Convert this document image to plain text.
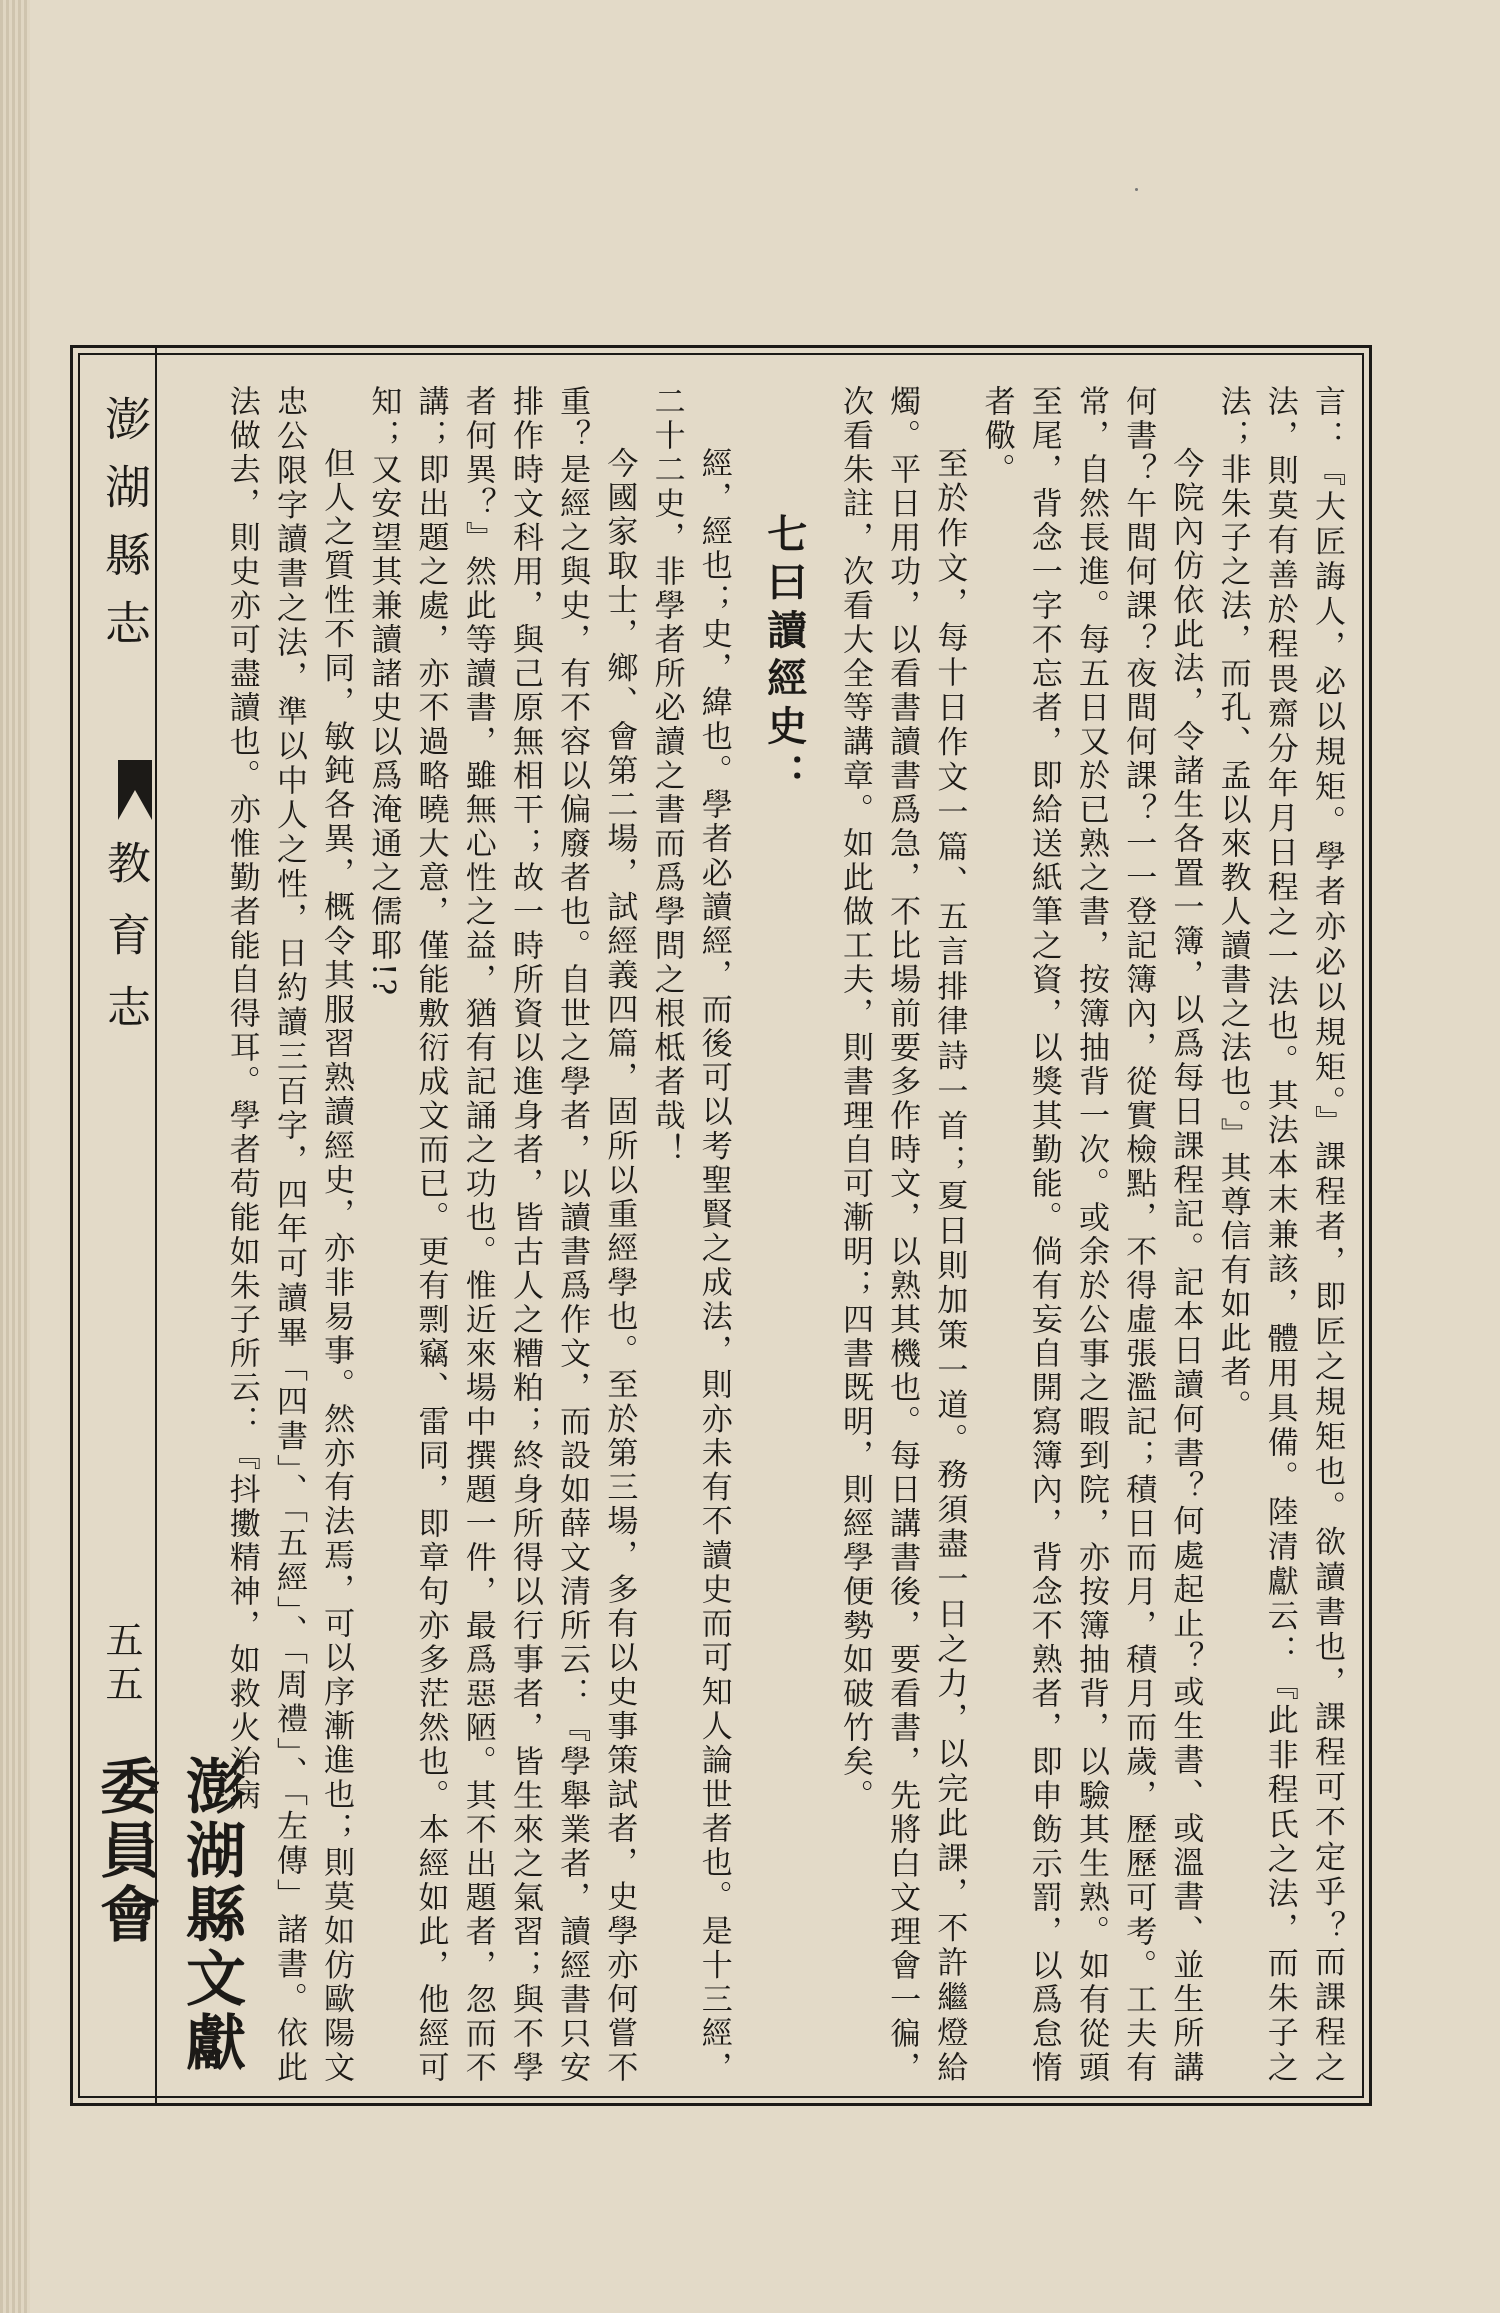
澎湖縣志
教育志
五五
澎湖縣文獻委員會	言：『大匠誨人，必以規矩。學者亦必以規矩。』課程者，即匠之規矩也。欲讀書也，課程可不定乎？而課程之法，則莫有善於程畏齋分年月日程之一法也。其法本末兼該，體用具備。陸清獻云：『此非程氏之法，而朱子之法；非朱子之法，而孔、孟以來教人讀書之法也。』其尊信有如此者。

今院內仿依此法，令諸生各置一簿，以爲每日課程記。記本日讀何書？何處起止？或生書、或溫書、並生所講何書？午間何課？夜間何課？一一登記簿內，從實檢點，不得虛張濫記；積日而月，積月而歲，歷歷可考。工夫有常，自然長進。每五日又於已熟之書，按簿抽背一次。或余於公事之暇到院，亦按簿抽背，以驗其生熟。如有從頭至尾，背念一字不忘者，即給送紙筆之資，以獎其勤能。倘有妄自開寫簿內，背念不熟者，即申飭示罰，以爲怠惰者儆。

至於作文，每十日作文一篇、五言排律詩一首；夏日則加策一道。務須盡一日之力，以完此課，不許繼燈給燭。平日用功，以看書讀書爲急，不比場前要多作時文，以熟其機也。每日講書後，要看書，先將白文理會一徧，次看朱註，次看大全等講章。如此做工夫，則書理自可漸明；四書既明，則經學便勢如破竹矣。

七曰讀經史：

經，經也；史，緯也。學者必讀經，而後可以考聖賢之成法，則亦未有不讀史而可知人論世者也。是十三經，二十二史，非學者所必讀之書而爲學問之根柢者哉！

今國家取士，鄉、會第二場，試經義四篇，固所以重經學也。至於第三場，多有以史事策試者，史學亦何嘗不重？是經之與史，有不容以偏廢者也。自世之學者，以讀書爲作文，而設如薛文清所云：『學舉業者，讀經書只安排作時文科用，與己原無相干；故一時所資以進身者，皆古人之糟粕；終身所得以行事者，皆生來之氣習；與不學者何異？』然此等讀書，雖無心性之益，猶有記誦之功也。惟近來場中撰題一件，最爲惡陋。其不出題者，忽而不講；即出題之處，亦不過略曉大意，僅能敷衍成文而已。更有剽竊、雷同，即章句亦多茫然也。本經如此，他經可知；又安望其兼讀諸史以爲淹通之儒耶!?

但人之質性不同，敏鈍各異，概令其服習熟讀經史，亦非易事。然亦有法焉，可以序漸進也；則莫如仿歐陽文忠公限字讀書之法，準以中人之性，日約讀三百字，四年可讀畢「四書」、「五經」、「周禮」、「左傳」諸書。依此法做去，則史亦可盡讀也。亦惟勤者能自得耳。學者苟能如朱子所云：『抖擻精神，如救火治病
